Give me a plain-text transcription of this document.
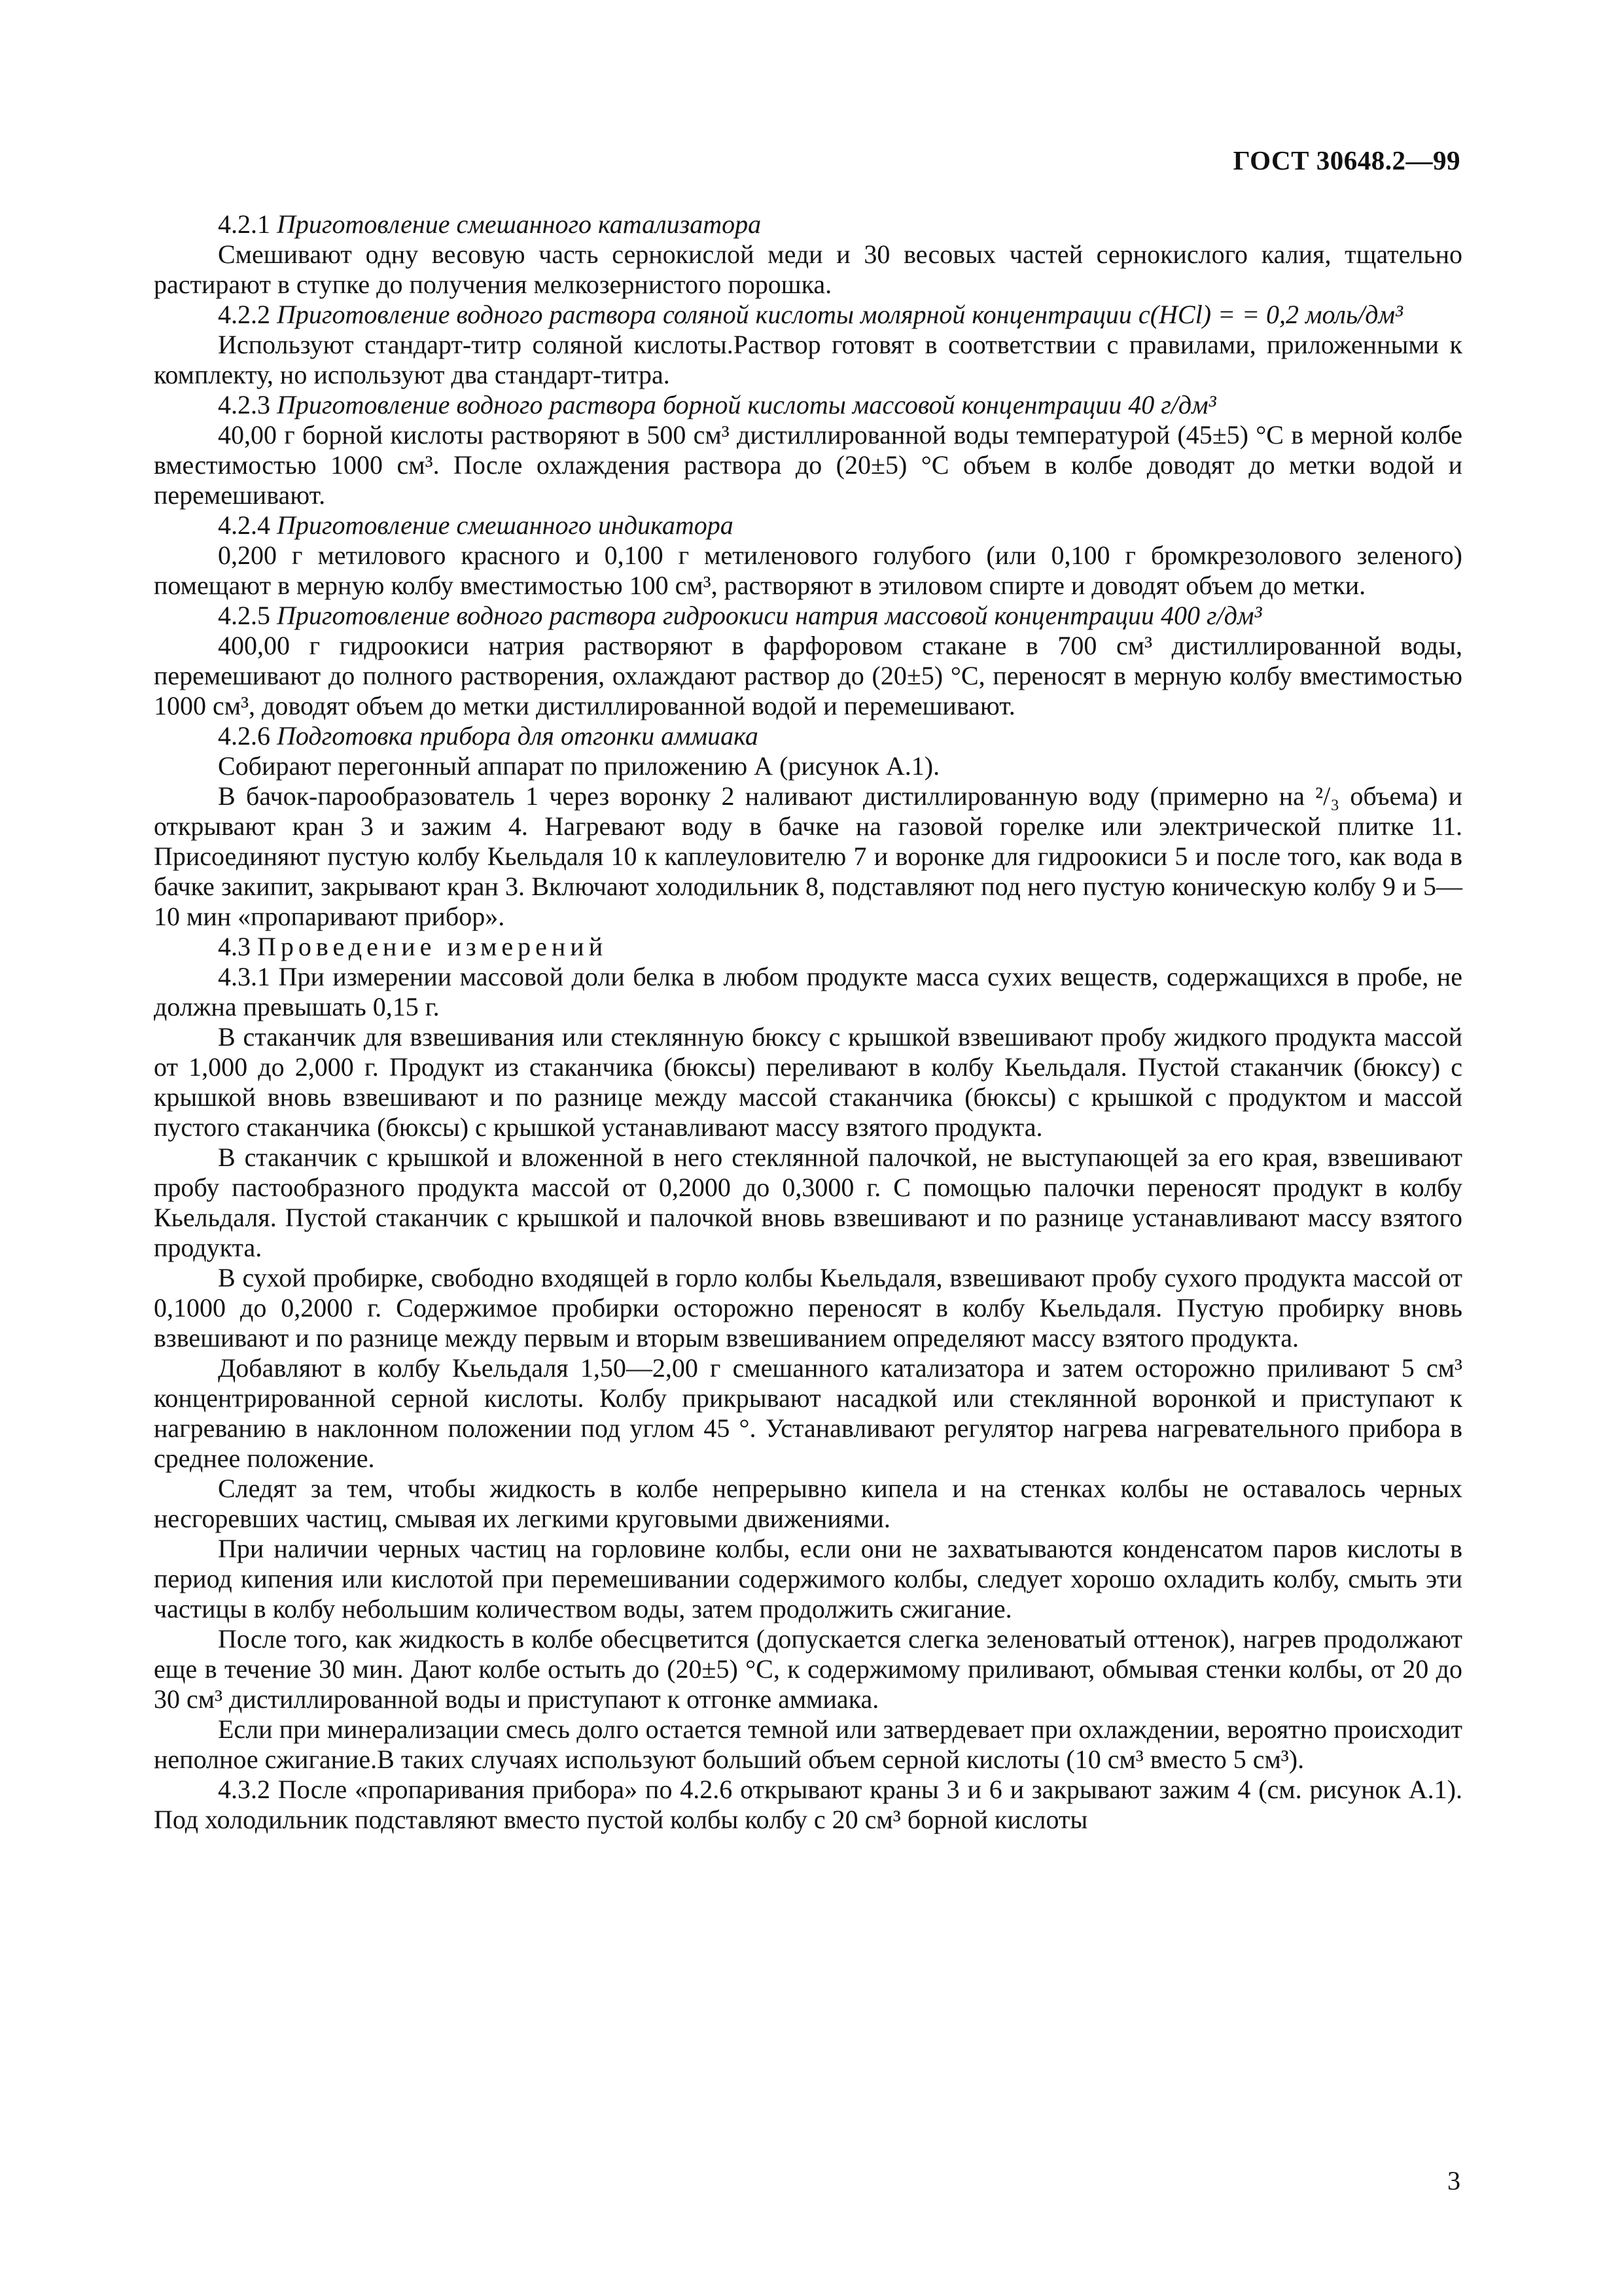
ГОСТ 30648.2—99

4.2.1 Приготовление смешанного катализатора

Смешивают одну весовую часть сернокислой меди и 30 весовых частей сернокислого калия, тщательно растирают в ступке до получения мелкозернистого порошка.

4.2.2 Приготовление водного раствора соляной кислоты молярной концентрации c(HCl) = = 0,2 моль/дм³

Используют стандарт-титр соляной кислоты.Раствор готовят в соответствии с правилами, приложенными к комплекту, но используют два стандарт-титра.

4.2.3 Приготовление водного раствора борной кислоты массовой концентрации 40 г/дм³

40,00 г борной кислоты растворяют в 500 см³ дистиллированной воды температурой (45±5) °С в мерной колбе вместимостью 1000 см³. После охлаждения раствора до (20±5) °С объем в колбе доводят до метки водой и перемешивают.

4.2.4 Приготовление смешанного индикатора

0,200 г метилового красного и 0,100 г метиленового голубого (или 0,100 г бромкрезолового зеленого) помещают в мерную колбу вместимостью 100 см³, растворяют в этиловом спирте и доводят объем до метки.

4.2.5 Приготовление водного раствора гидроокиси натрия массовой концентрации 400 г/дм³

400,00 г гидроокиси натрия растворяют в фарфоровом стакане в 700 см³ дистиллированной воды, перемешивают до полного растворения, охлаждают раствор до (20±5) °С, переносят в мерную колбу вместимостью 1000 см³, доводят объем до метки дистиллированной водой и перемешивают.

4.2.6 Подготовка прибора для отгонки аммиака

Собирают перегонный аппарат по приложению А (рисунок А.1).

В бачок-парообразователь 1 через воронку 2 наливают дистиллированную воду (примерно на ²/₃ объема) и открывают кран 3 и зажим 4. Нагревают воду в бачке на газовой горелке или электрической плитке 11. Присоединяют пустую колбу Кьельдаля 10 к каплеуловителю 7 и воронке для гидроокиси 5 и после того, как вода в бачке закипит, закрывают кран 3. Включают холодильник 8, подставляют под него пустую коническую колбу 9 и 5—10 мин «пропаривают прибор».

4.3 Проведение измерений

4.3.1 При измерении массовой доли белка в любом продукте масса сухих веществ, содержащихся в пробе, не должна превышать 0,15 г.

В стаканчик для взвешивания или стеклянную бюксу с крышкой взвешивают пробу жидкого продукта массой от 1,000 до 2,000 г. Продукт из стаканчика (бюксы) переливают в колбу Кьельдаля. Пустой стаканчик (бюксу) с крышкой вновь взвешивают и по разнице между массой стаканчика (бюксы) с крышкой с продуктом и массой пустого стаканчика (бюксы) с крышкой устанавливают массу взятого продукта.

В стаканчик с крышкой и вложенной в него стеклянной палочкой, не выступающей за его края, взвешивают пробу пастообразного продукта массой от 0,2000 до 0,3000 г. С помощью палочки переносят продукт в колбу Кьельдаля. Пустой стаканчик с крышкой и палочкой вновь взвешивают и по разнице устанавливают массу взятого продукта.

В сухой пробирке, свободно входящей в горло колбы Кьельдаля, взвешивают пробу сухого продукта массой от 0,1000 до 0,2000 г. Содержимое пробирки осторожно переносят в колбу Кьельдаля. Пустую пробирку вновь взвешивают и по разнице между первым и вторым взвешиванием определяют массу взятого продукта.

Добавляют в колбу Кьельдаля 1,50—2,00 г смешанного катализатора и затем осторожно приливают 5 см³ концентрированной серной кислоты. Колбу прикрывают насадкой или стеклянной воронкой и приступают к нагреванию в наклонном положении под углом 45 °. Устанавливают регулятор нагрева нагревательного прибора в среднее положение.

Следят за тем, чтобы жидкость в колбе непрерывно кипела и на стенках колбы не оставалось черных несгоревших частиц, смывая их легкими круговыми движениями.

При наличии черных частиц на горловине колбы, если они не захватываются конденсатом паров кислоты в период кипения или кислотой при перемешивании содержимого колбы, следует хорошо охладить колбу, смыть эти частицы в колбу небольшим количеством воды, затем продолжить сжигание.

После того, как жидкость в колбе обесцветится (допускается слегка зеленоватый оттенок), нагрев продолжают еще в течение 30 мин. Дают колбе остыть до (20±5) °С, к содержимому приливают, обмывая стенки колбы, от 20 до 30 см³ дистиллированной воды и приступают к отгонке аммиака.

Если при минерализации смесь долго остается темной или затвердевает при охлаждении, вероятно происходит неполное сжигание.В таких случаях используют больший объем серной кислоты (10 см³ вместо 5 см³).

4.3.2 После «пропаривания прибора» по 4.2.6 открывают краны 3 и 6 и закрывают зажим 4 (см. рисунок А.1). Под холодильник подставляют вместо пустой колбы колбу с 20 см³ борной кислоты

3
